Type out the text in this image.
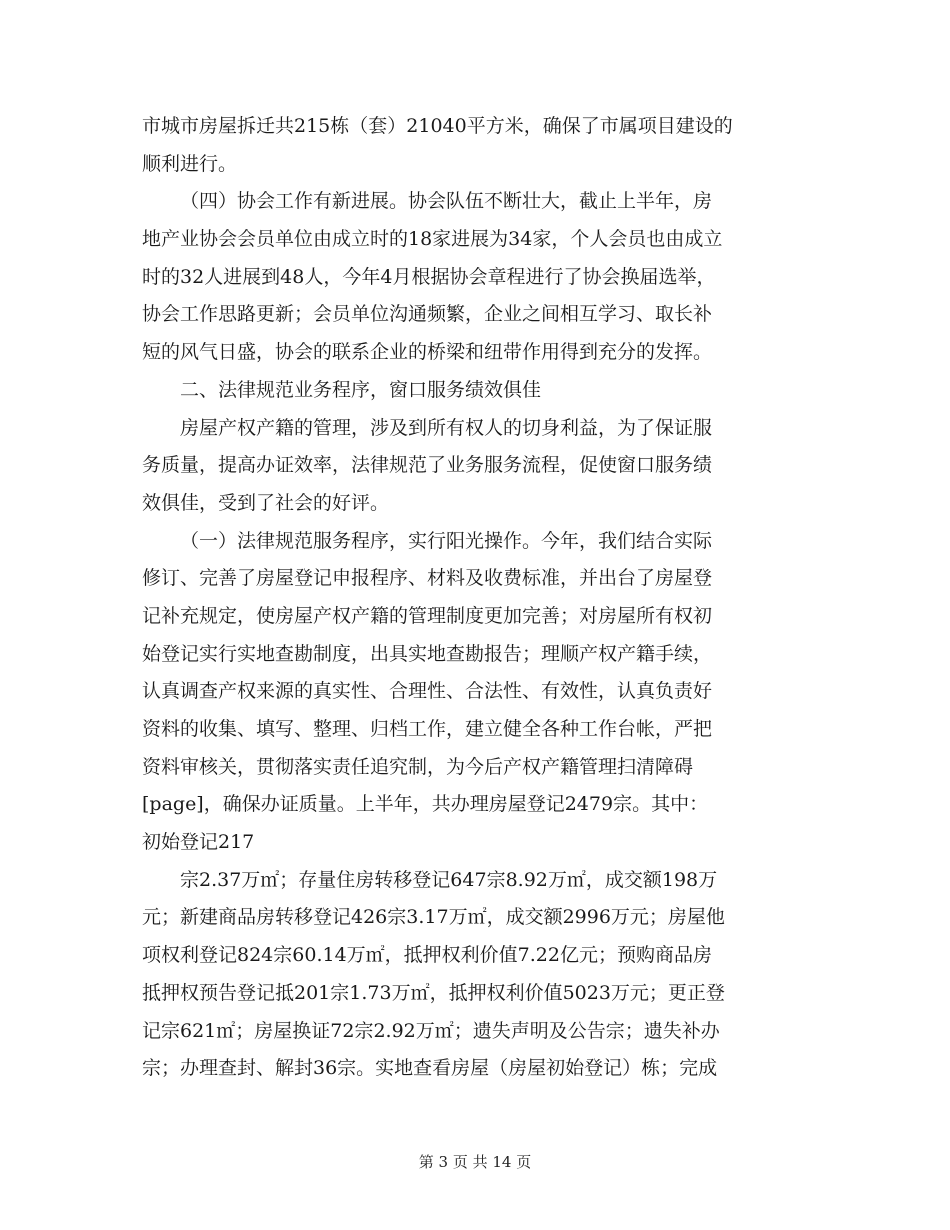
市城市房屋拆迁共215栋（套）21040平方米，确保了市属项目建设的
顺利进行。
（四）协会工作有新进展。协会队伍不断壮大，截止上半年，房
地产业协会会员单位由成立时的18家进展为34家，个人会员也由成立
时的32人进展到48人，今年4月根据协会章程进行了协会换届选举，
协会工作思路更新；会员单位沟通频繁，企业之间相互学习、取长补
短的风气日盛，协会的联系企业的桥梁和纽带作用得到充分的发挥。
二、法律规范业务程序，窗口服务绩效俱佳
房屋产权产籍的管理，涉及到所有权人的切身利益，为了保证服
务质量，提高办证效率，法律规范了业务服务流程，促使窗口服务绩
效俱佳，受到了社会的好评。
（一）法律规范服务程序，实行阳光操作。今年，我们结合实际
修订、完善了房屋登记申报程序、材料及收费标准，并出台了房屋登
记补充规定，使房屋产权产籍的管理制度更加完善；对房屋所有权初
始登记实行实地查勘制度，出具实地查勘报告；理顺产权产籍手续，
认真调查产权来源的真实性、合理性、合法性、有效性，认真负责好
资料的收集、填写、整理、归档工作，建立健全各种工作台帐，严把
资料审核关，贯彻落实责任追究制，为今后产权产籍管理扫清障碍
[page]，确保办证质量。上半年，共办理房屋登记2479宗。其中：
初始登记217
宗2.37万㎡；存量住房转移登记647宗8.92万㎡，成交额198万
元；新建商品房转移登记426宗3.17万㎡，成交额2996万元；房屋他
项权利登记824宗60.14万㎡，抵押权利价值7.22亿元；预购商品房
抵押权预告登记抵201宗1.73万㎡，抵押权利价值5023万元；更正登
记宗621㎡；房屋换证72宗2.92万㎡；遗失声明及公告宗；遗失补办
宗；办理查封、解封36宗。实地查看房屋（房屋初始登记）栋；完成
第 3 页 共 14 页
